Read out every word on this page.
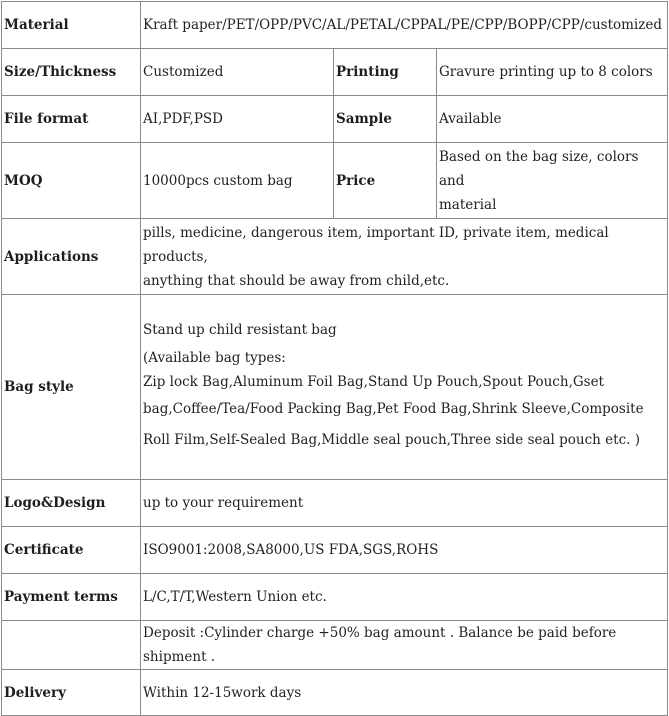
Material	Kraft paper/PET/OPP/PVC/AL/PETAL/CPPAL/PE/CPP/BOPP/CPP/customized		
Size/Thickness	Customized	Printing	Gravure printing up to 8 colors
File format	AI,PDF,PSD	Sample	Available
MOQ	10000pcs custom bag	Price	Based on the bag size, colors and
material

Applications	pills, medicine, dangerous item, important ID, private item, medical products,
anything that should be away from child,etc.		

Bag style	Stand up child resistant bag
(Available bag types:
Zip lock Bag,Aluminum Foil Bag,Stand Up Pouch,Spout Pouch,Gset
bag,Coffee/Tea/Food Packing Bag,Pet Food Bag,Shrink Sleeve,Composite
Roll Film,Self-Sealed Bag,Middle seal pouch,Three side seal pouch etc. )		

Logo&Design	up to your requirement		
Certificate	ISO9001:2008,SA8000,US FDA,SGS,ROHS		
Payment terms	L/C,T/T,Western Union etc.		
	Deposit :Cylinder charge +50% bag amount . Balance be paid before shipment .		
Delivery	Within 12-15work days		
